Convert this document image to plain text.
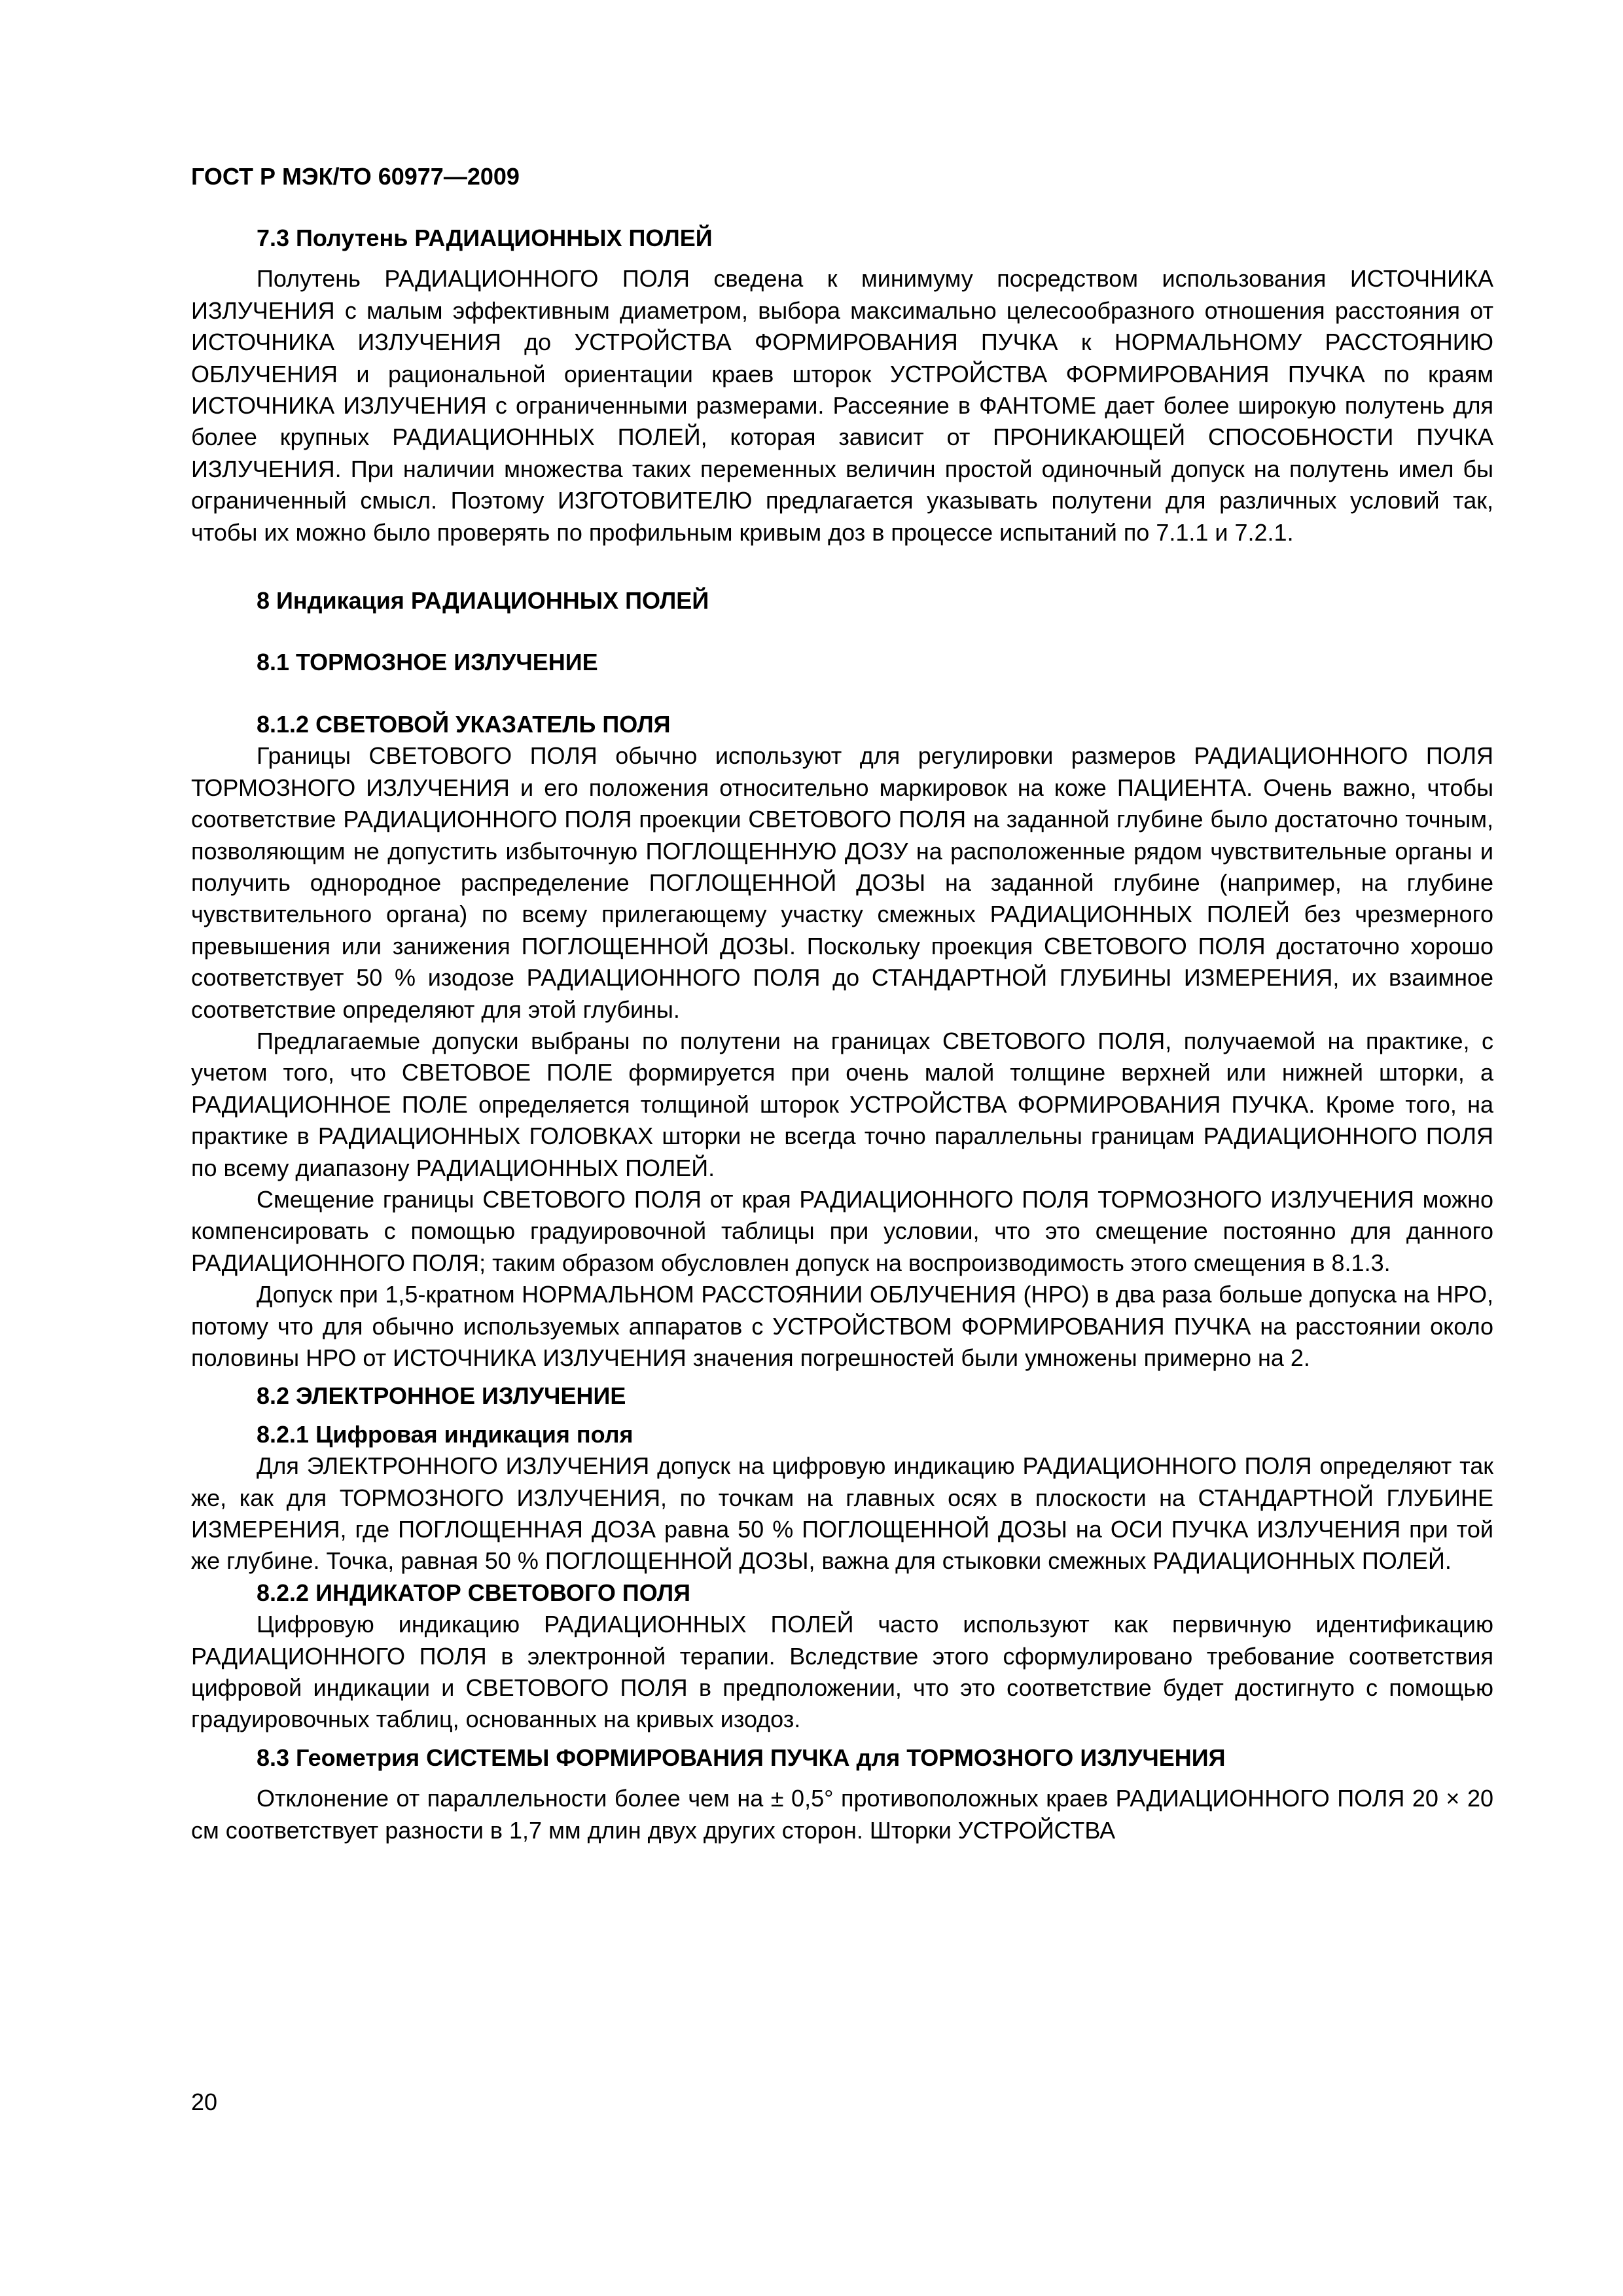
ГОСТ Р МЭК/ТО 60977—2009

7.3 Полутень РАДИАЦИОННЫХ ПОЛЕЙ

Полутень РАДИАЦИОННОГО ПОЛЯ сведена к минимуму посредством использования ИСТОЧНИКА ИЗЛУЧЕНИЯ с малым эффективным диаметром, выбора максимально целесообразного отношения расстояния от ИСТОЧНИКА ИЗЛУЧЕНИЯ до УСТРОЙСТВА ФОРМИРОВАНИЯ ПУЧКА к НОРМАЛЬНОМУ РАССТОЯНИЮ ОБЛУЧЕНИЯ и рациональной ориентации краев шторок УСТРОЙСТВА ФОРМИРОВАНИЯ ПУЧКА по краям ИСТОЧНИКА ИЗЛУЧЕНИЯ с ограниченными размерами. Рассеяние в ФАНТОМЕ дает более широкую полутень для более крупных РАДИАЦИОННЫХ ПОЛЕЙ, которая зависит от ПРОНИКАЮЩЕЙ СПОСОБНОСТИ ПУЧКА ИЗЛУЧЕНИЯ. При наличии множества таких переменных величин простой одиночный допуск на полутень имел бы ограниченный смысл. Поэтому ИЗГОТОВИТЕЛЮ предлагается указывать полутени для различных условий так, чтобы их можно было проверять по профильным кривым доз в процессе испытаний по 7.1.1 и 7.2.1.

8 Индикация РАДИАЦИОННЫХ ПОЛЕЙ

8.1 ТОРМОЗНОЕ ИЗЛУЧЕНИЕ

8.1.2 СВЕТОВОЙ УКАЗАТЕЛЬ ПОЛЯ

Границы СВЕТОВОГО ПОЛЯ обычно используют для регулировки размеров РАДИАЦИОННОГО ПОЛЯ ТОРМОЗНОГО ИЗЛУЧЕНИЯ и его положения относительно маркировок на коже ПАЦИЕНТА. Очень важно, чтобы соответствие РАДИАЦИОННОГО ПОЛЯ проекции СВЕТОВОГО ПОЛЯ на заданной глубине было достаточно точным, позволяющим не допустить избыточную ПОГЛОЩЕННУЮ ДОЗУ на расположенные рядом чувствительные органы и получить однородное распределение ПОГЛОЩЕННОЙ ДОЗЫ на заданной глубине (например, на глубине чувствительного органа) по всему прилегающему участку смежных РАДИАЦИОННЫХ ПОЛЕЙ без чрезмерного превышения или занижения ПОГЛОЩЕННОЙ ДОЗЫ. Поскольку проекция СВЕТОВОГО ПОЛЯ достаточно хорошо соответствует 50 % изодозе РАДИАЦИОННОГО ПОЛЯ до СТАНДАРТНОЙ ГЛУБИНЫ ИЗМЕРЕНИЯ, их взаимное соответствие определяют для этой глубины.

Предлагаемые допуски выбраны по полутени на границах СВЕТОВОГО ПОЛЯ, получаемой на практике, с учетом того, что СВЕТОВОЕ ПОЛЕ формируется при очень малой толщине верхней или нижней шторки, а РАДИАЦИОННОЕ ПОЛЕ определяется толщиной шторок УСТРОЙСТВА ФОРМИРОВАНИЯ ПУЧКА. Кроме того, на практике в РАДИАЦИОННЫХ ГОЛОВКАХ шторки не всегда точно параллельны границам РАДИАЦИОННОГО ПОЛЯ по всему диапазону РАДИАЦИОННЫХ ПОЛЕЙ.

Смещение границы СВЕТОВОГО ПОЛЯ от края РАДИАЦИОННОГО ПОЛЯ ТОРМОЗНОГО ИЗЛУЧЕНИЯ можно компенсировать с помощью градуировочной таблицы при условии, что это смещение постоянно для данного РАДИАЦИОННОГО ПОЛЯ; таким образом обусловлен допуск на воспроизводимость этого смещения в 8.1.3.

Допуск при 1,5-кратном НОРМАЛЬНОМ РАССТОЯНИИ ОБЛУЧЕНИЯ (НРО) в два раза больше допуска на НРО, потому что для обычно используемых аппаратов с УСТРОЙСТВОМ ФОРМИРОВАНИЯ ПУЧКА на расстоянии около половины НРО от ИСТОЧНИКА ИЗЛУЧЕНИЯ значения погрешностей были умножены примерно на 2.

8.2 ЭЛЕКТРОННОЕ ИЗЛУЧЕНИЕ

8.2.1 Цифровая индикация поля

Для ЭЛЕКТРОННОГО ИЗЛУЧЕНИЯ допуск на цифровую индикацию РАДИАЦИОННОГО ПОЛЯ определяют так же, как для ТОРМОЗНОГО ИЗЛУЧЕНИЯ, по точкам на главных осях в плоскости на СТАНДАРТНОЙ ГЛУБИНЕ ИЗМЕРЕНИЯ, где ПОГЛОЩЕННАЯ ДОЗА равна 50 % ПОГЛОЩЕННОЙ ДОЗЫ на ОСИ ПУЧКА ИЗЛУЧЕНИЯ при той же глубине. Точка, равная 50 % ПОГЛОЩЕННОЙ ДОЗЫ, важна для стыковки смежных РАДИАЦИОННЫХ ПОЛЕЙ.

8.2.2 ИНДИКАТОР СВЕТОВОГО ПОЛЯ

Цифровую индикацию РАДИАЦИОННЫХ ПОЛЕЙ часто используют как первичную идентификацию РАДИАЦИОННОГО ПОЛЯ в электронной терапии. Вследствие этого сформулировано требование соответствия цифровой индикации и СВЕТОВОГО ПОЛЯ в предположении, что это соответствие будет достигнуто с помощью градуировочных таблиц, основанных на кривых изодоз.

8.3 Геометрия СИСТЕМЫ ФОРМИРОВАНИЯ ПУЧКА для ТОРМОЗНОГО ИЗЛУЧЕНИЯ

Отклонение от параллельности более чем на ± 0,5° противоположных краев РАДИАЦИОННОГО ПОЛЯ 20 × 20 см соответствует разности в 1,7 мм длин двух других сторон. Шторки УСТРОЙСТВА

20
